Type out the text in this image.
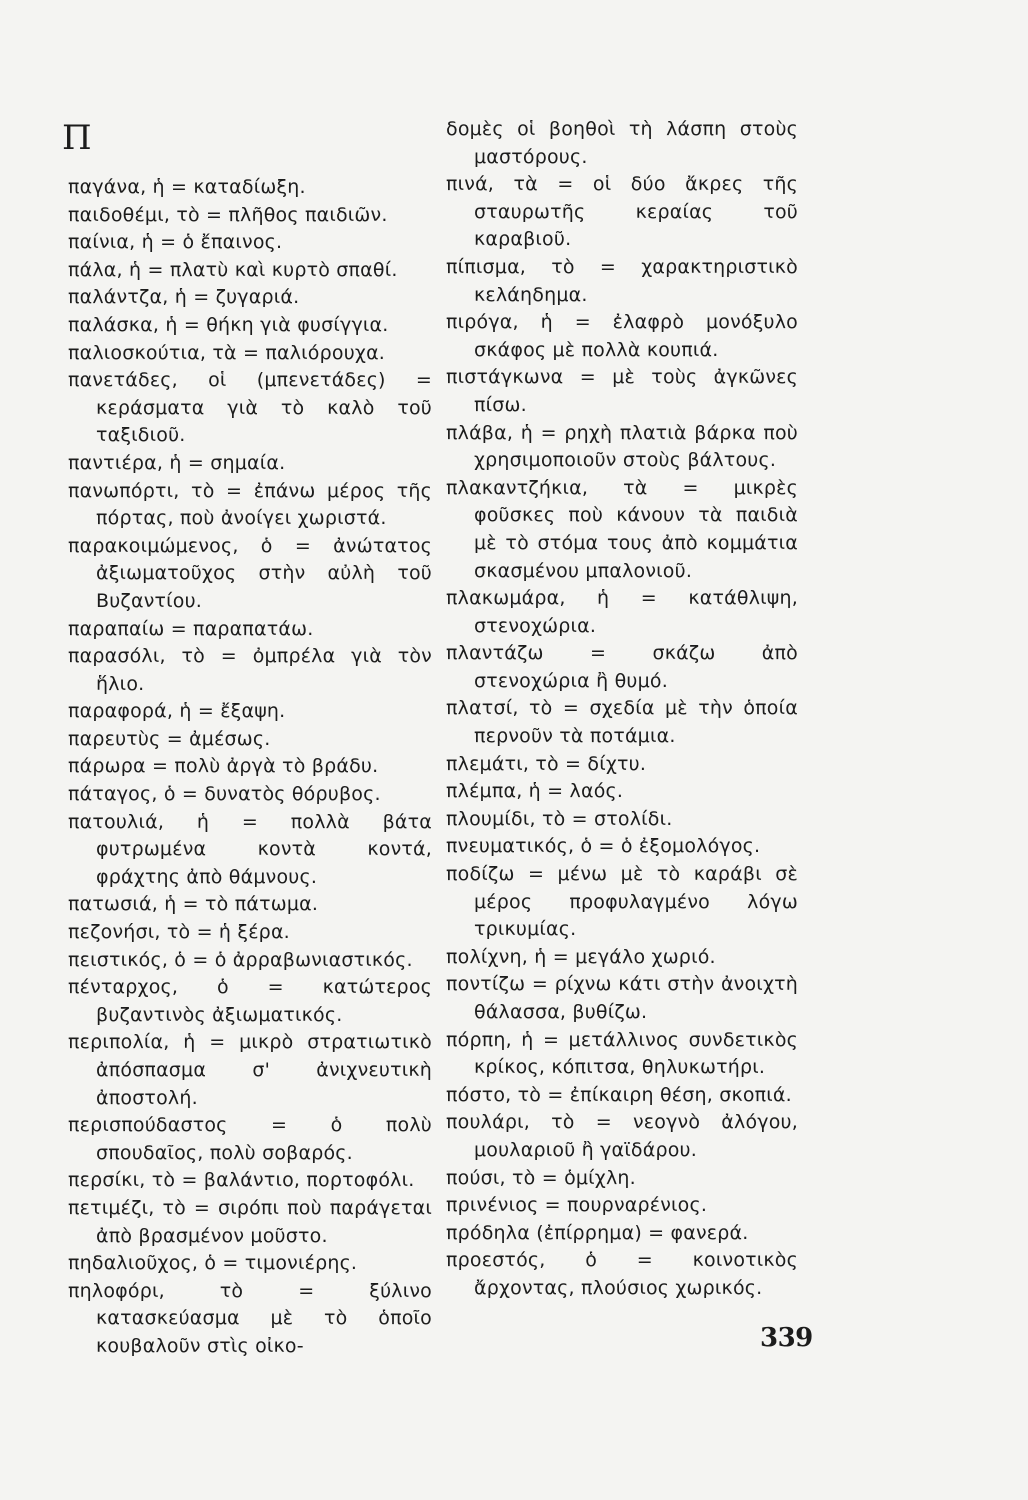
Π

παγάνα, ἡ = καταδίωξη.

παιδοθέμι, τὸ = πλῆθος παιδιῶν.

παίνια, ἡ = ὁ ἔπαινος.

πάλα, ἡ = πλατὺ καὶ κυρτὸ σπαθί.

παλάντζα, ἡ = ζυγαριά.

παλάσκα, ἡ = θήκη γιὰ φυσίγγια.

παλιοσκούτια, τὰ = παλιόρουχα.

πανετάδες, οἱ (μπενετάδες) = κεράσματα γιὰ τὸ καλὸ τοῦ ταξιδιοῦ.

παντιέρα, ἡ = σημαία.

πανωπόρτι, τὸ = ἐπάνω μέρος τῆς πόρτας, ποὺ ἀνοίγει χωριστά.

παρακοιμώμενος, ὁ = ἀνώτατος ἀξιωματοῦχος στὴν αὐλὴ τοῦ Βυζαντίου.

παραπαίω = παραπατάω.

παρασόλι, τὸ = ὀμπρέλα γιὰ τὸν ἥλιο.

παραφορά, ἡ = ἔξαψη.

παρευτὺς = ἀμέσως.

πάρωρα = πολὺ ἀργὰ τὸ βράδυ.

πάταγος, ὁ = δυνατὸς θόρυβος.

πατουλιά, ἡ = πολλὰ βάτα φυτρωμένα κοντὰ κοντά, φράχτης ἀπὸ θάμνους.

πατωσιά, ἡ = τὸ πάτωμα.

πεζονήσι, τὸ = ἡ ξέρα.

πειστικός, ὁ = ὁ ἀρραβωνιαστικός.

πένταρχος, ὁ = κατώτερος βυζαντινὸς ἀξιωματικός.

περιπολία, ἡ = μικρὸ στρατιωτικὸ ἀπόσπασμα σ' ἀνιχνευτικὴ ἀποστολή.

περισπούδαστος = ὁ πολὺ σπουδαῖος, πολὺ σοβαρός.

περσίκι, τὸ = βαλάντιο, πορτοφόλι.

πετιμέζι, τὸ = σιρόπι ποὺ παράγεται ἀπὸ βρασμένον μοῦστο.

πηδαλιοῦχος, ὁ = τιμονιέρης.

πηλοφόρι, τὸ = ξύλινο κατασκεύασμα μὲ τὸ ὁποῖο κουβαλοῦν στὶς οἰκο-

δομὲς οἱ βοηθοὶ τὴ λάσπη στοὺς μαστόρους.

πινά, τὰ = οἱ δύο ἄκρες τῆς σταυρωτῆς κεραίας τοῦ καραβιοῦ.

πίπισμα, τὸ = χαρακτηριστικὸ κελάηδημα.

πιρόγα, ἡ = ἐλαφρὸ μονόξυλο σκάφος μὲ πολλὰ κουπιά.

πιστάγκωνα = μὲ τοὺς ἀγκῶνες πίσω.

πλάβα, ἡ = ρηχὴ πλατιὰ βάρκα ποὺ χρησιμοποιοῦν στοὺς βάλτους.

πλακαντζήκια, τὰ = μικρὲς φοῦσκες ποὺ κάνουν τὰ παιδιὰ μὲ τὸ στόμα τους ἀπὸ κομμάτια σκασμένου μπαλονιοῦ.

πλακωμάρα, ἡ = κατάθλιψη, στενοχώρια.

πλαντάζω = σκάζω ἀπὸ στενοχώρια ἢ θυμό.

πλατσί, τὸ = σχεδία μὲ τὴν ὁποία περνοῦν τὰ ποτάμια.

πλεμάτι, τὸ = δίχτυ.

πλέμπα, ἡ = λαός.

πλουμίδι, τὸ = στολίδι.

πνευματικός, ὁ = ὁ ἐξομολόγος.

ποδίζω = μένω μὲ τὸ καράβι σὲ μέρος προφυλαγμένο λόγω τρικυμίας.

πολίχνη, ἡ = μεγάλο χωριό.

ποντίζω = ρίχνω κάτι στὴν ἀνοιχτὴ θάλασσα, βυθίζω.

πόρπη, ἡ = μετάλλινος συνδετικὸς κρίκος, κόπιτσα, θηλυκωτήρι.

πόστο, τὸ = ἐπίκαιρη θέση, σκοπιά.

πουλάρι, τὸ = νεογνὸ ἀλόγου, μουλαριοῦ ἢ γαϊδάρου.

πούσι, τὸ = ὁμίχλη.

πρινένιος = πουρναρένιος.

πρόδηλα (ἐπίρρημα) = φανερά.

προεστός, ὁ = κοινοτικὸς ἄρχοντας, πλούσιος χωρικός.

339
